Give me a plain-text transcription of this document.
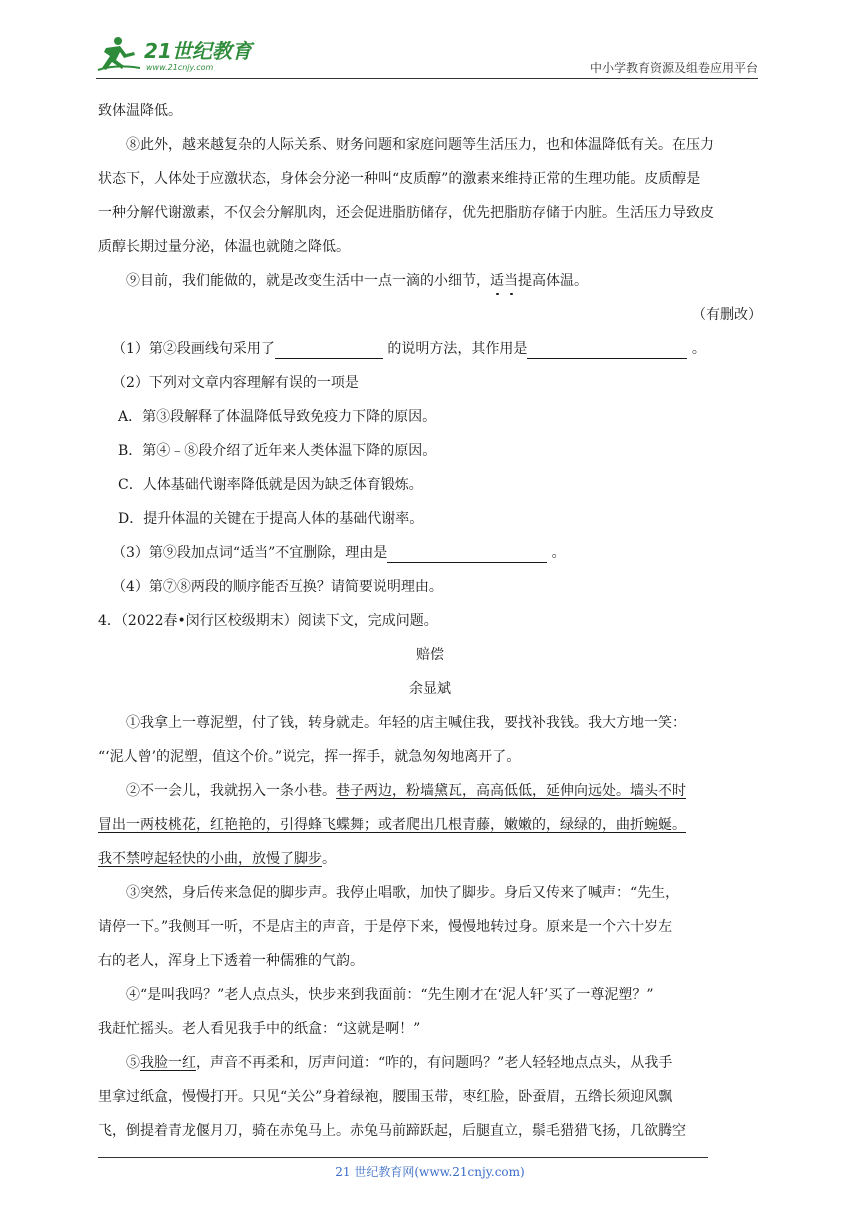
21世纪教育
www.21cnjy.com	中小学教育资源及组卷应用平台
致体温降低。
⑧此外，越来越复杂的人际关系、财务问题和家庭问题等生活压力，也和体温降低有关。在压力
状态下，人体处于应激状态，身体会分泌一种叫“皮质醇”的激素来维持正常的生理功能。皮质醇是
一种分解代谢激素，不仅会分解肌肉，还会促进脂肪储存，优先把脂肪存储于内脏。生活压力导致皮
质醇长期过量分泌，体温也就随之降低。
⑨目前，我们能做的，就是改变生活中一点一滴的小细节，适当提高体温。
（有删改）
（1）第②段画线句采用了	的说明方法，其作用是	。
（2）下列对文章内容理解有误的一项是
A．第③段解释了体温降低导致免疫力下降的原因。
B．第④﹣⑧段介绍了近年来人类体温下降的原因。
C．人体基础代谢率降低就是因为缺乏体育锻炼。
D．提升体温的关键在于提高人体的基础代谢率。
（3）第⑨段加点词“适当”不宜删除，理由是	。
（4）第⑦⑧两段的顺序能否互换？请简要说明理由。
4．（2022春•闵行区校级期末）阅读下文，完成问题。
赔偿
余显斌
①我拿上一尊泥塑，付了钱，转身就走。年轻的店主喊住我，要找补我钱。我大方地一笑：
“‘泥人曾’的泥塑，值这个价。”说完，挥一挥手，就急匆匆地离开了。
②不一会儿，我就拐入一条小巷。巷子两边，粉墙黛瓦，高高低低，延伸向远处。墙头不时
冒出一两枝桃花，红艳艳的，引得蜂飞蝶舞；或者爬出几根青藤，嫩嫩的，绿绿的，曲折蜿蜒。
我不禁哼起轻快的小曲，放慢了脚步。
③突然，身后传来急促的脚步声。我停止唱歌，加快了脚步。身后又传来了喊声：“先生，
请停一下。”我侧耳一听，不是店主的声音，于是停下来，慢慢地转过身。原来是一个六十岁左
右的老人，浑身上下透着一种儒雅的气韵。
④“是叫我吗？”老人点点头，快步来到我面前：“先生刚才在‘泥人轩’买了一尊泥塑？”
我赶忙摇头。老人看见我手中的纸盒：“这就是啊！”
⑤我脸一红，声音不再柔和，厉声问道：“咋的，有问题吗？”老人轻轻地点点头，从我手
里拿过纸盒，慢慢打开。只见“关公”身着绿袍，腰围玉带，枣红脸，卧蚕眉，五绺长须迎风飘
飞，倒提着青龙偃月刀，骑在赤兔马上。赤兔马前蹄跃起，后腿直立，鬃毛猎猎飞扬，几欲腾空
21 世纪教育网(www.21cnjy.com)
